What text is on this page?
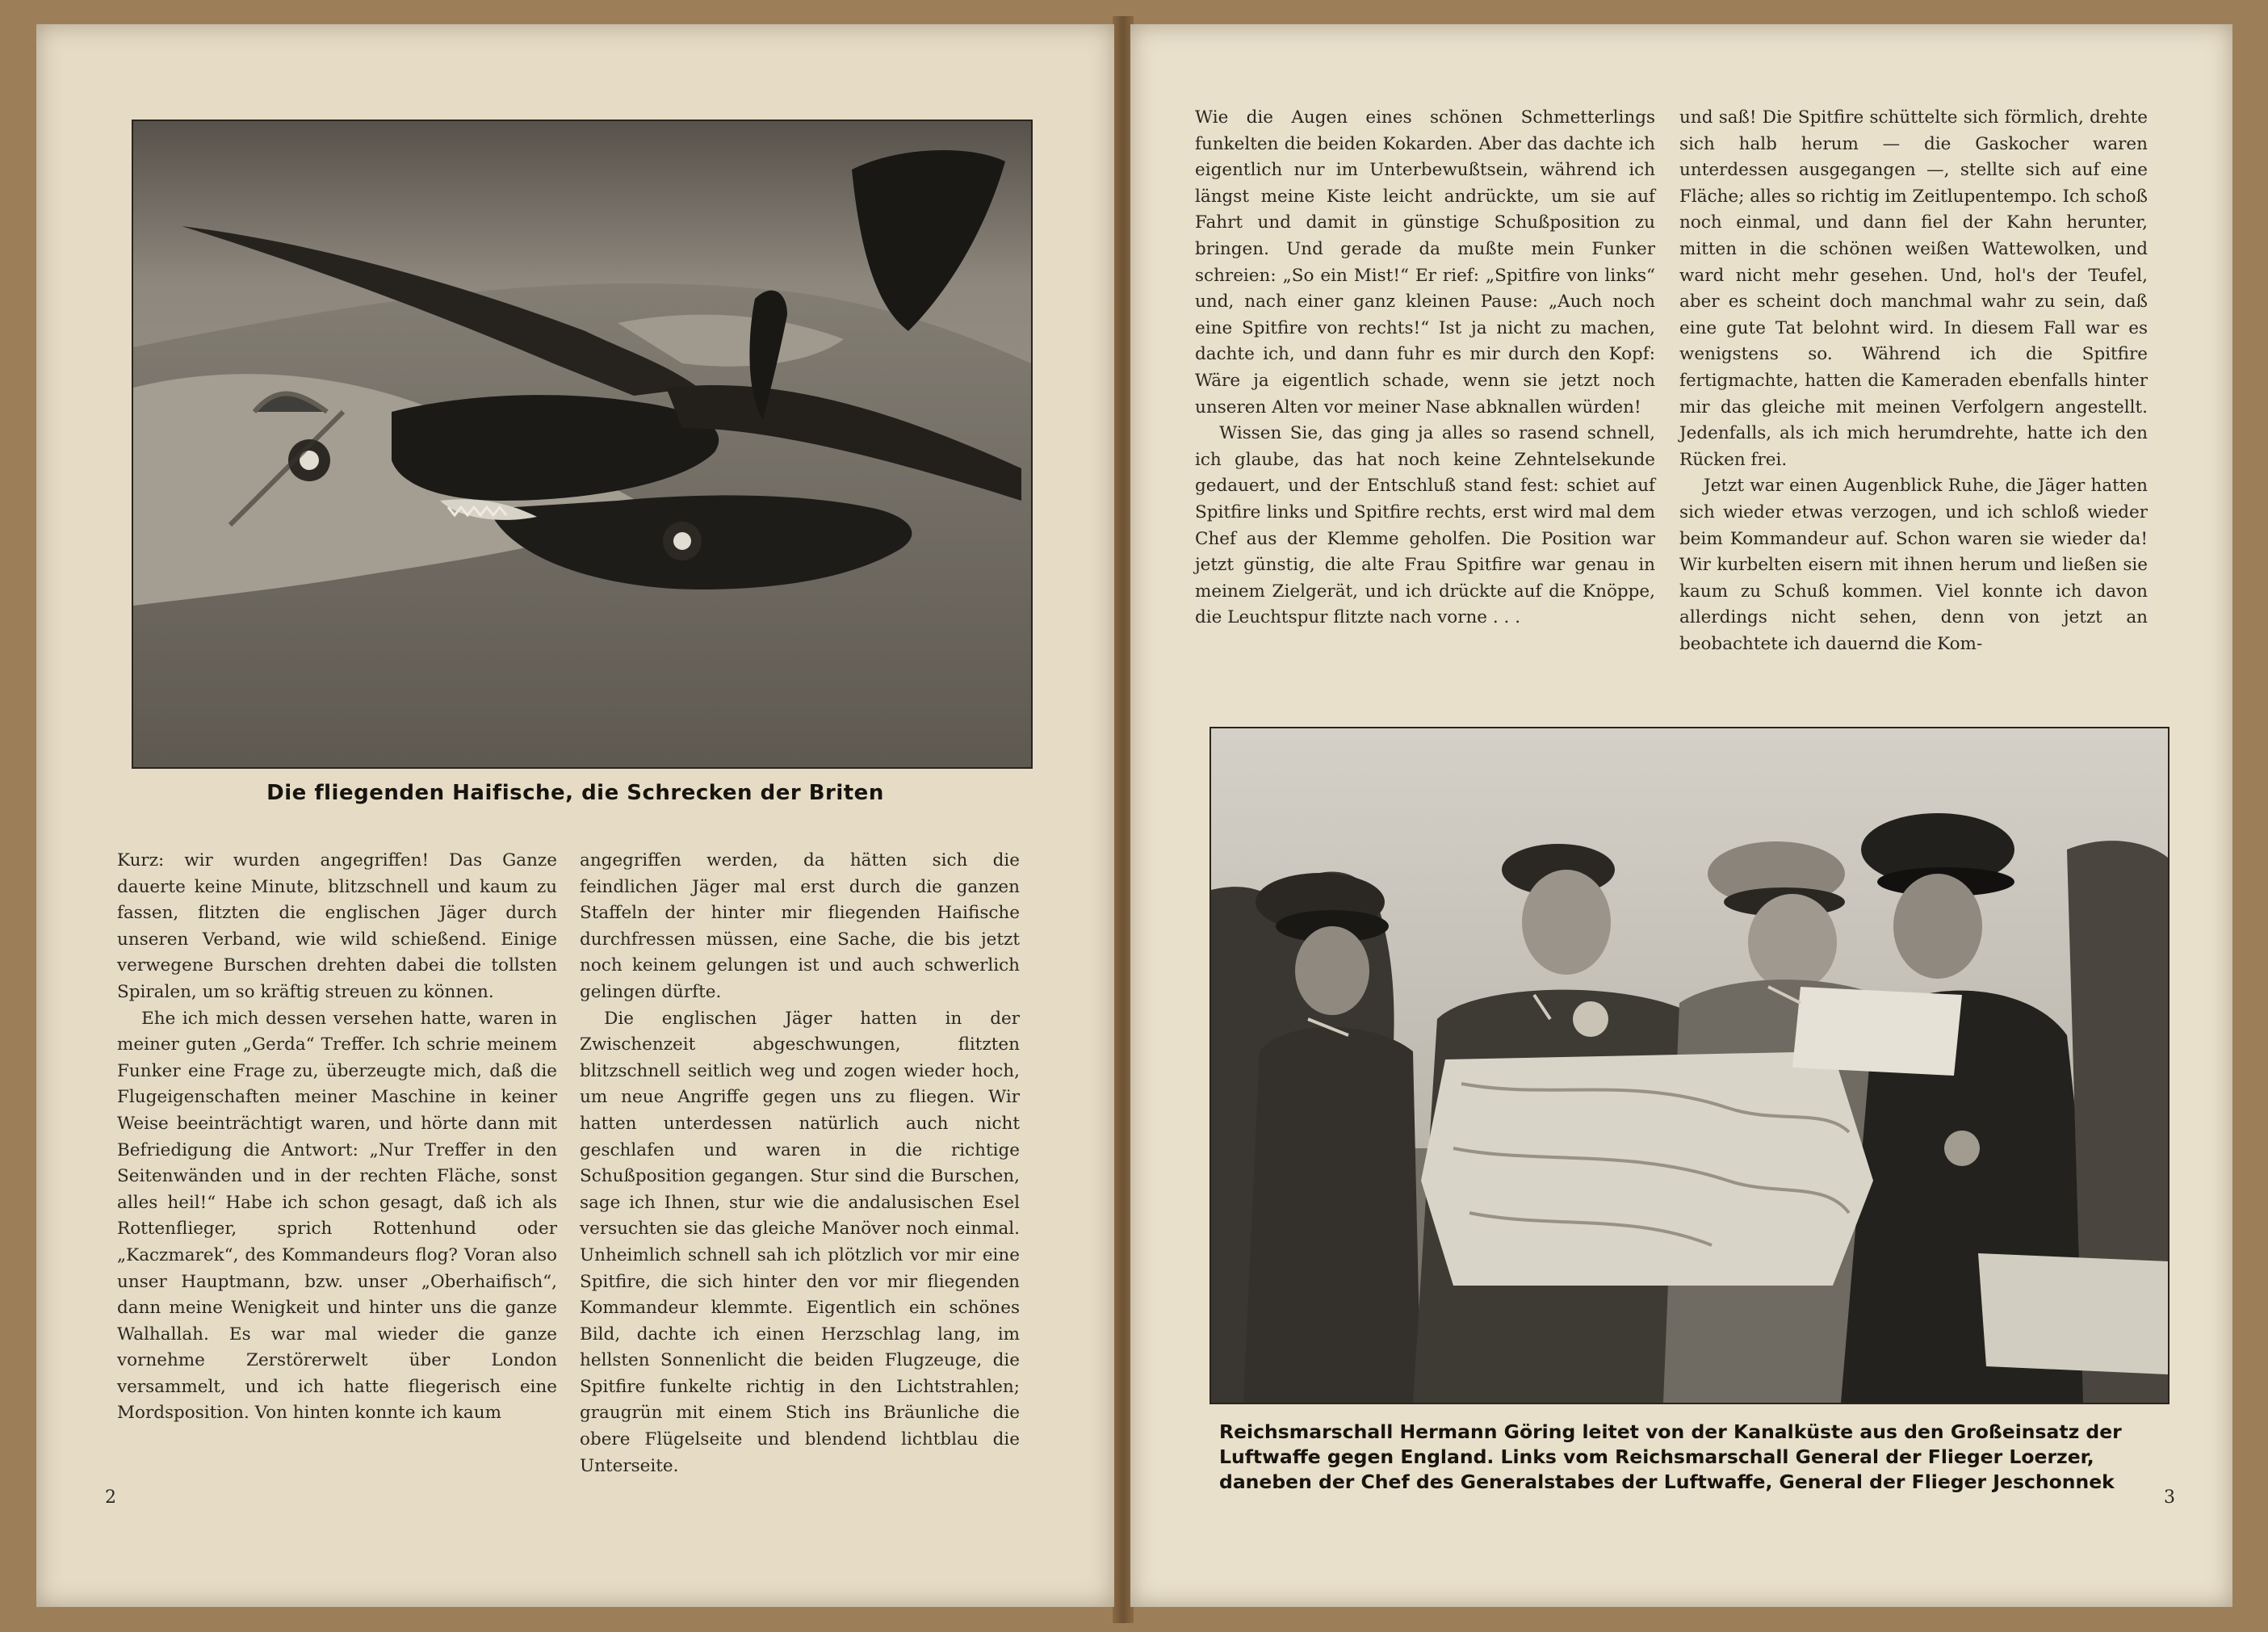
Die fliegenden Haifische, die Schrecken der Briten

Kurz: wir wurden angegriffen! Das Ganze dauerte keine Minute, blitzschnell und kaum zu fassen, flitzten die englischen Jäger durch unseren Verband, wie wild schießend. Einige verwegene Burschen drehten dabei die tollsten Spiralen, um so kräftig streuen zu können.

Ehe ich mich dessen versehen hatte, waren in meiner guten „Gerda“ Treffer. Ich schrie meinem Funker eine Frage zu, überzeugte mich, daß die Flugeigenschaften meiner Maschine in keiner Weise beeinträchtigt waren, und hörte dann mit Befriedigung die Antwort: „Nur Treffer in den Seitenwänden und in der rechten Fläche, sonst alles heil!“ Habe ich schon gesagt, daß ich als Rottenflieger, sprich Rottenhund oder „Kaczmarek“, des Kommandeurs flog? Voran also unser Hauptmann, bzw. unser „Oberhaifisch“, dann meine Wenigkeit und hinter uns die ganze Walhallah. Es war mal wieder die ganze vornehme Zerstörerwelt über London versammelt, und ich hatte fliegerisch eine Mordsposition. Von hinten konnte ich kaum

angegriffen werden, da hätten sich die feindlichen Jäger mal erst durch die ganzen Staffeln der hinter mir fliegenden Haifische durchfressen müssen, eine Sache, die bis jetzt noch keinem gelungen ist und auch schwerlich gelingen dürfte.

Die englischen Jäger hatten in der Zwischenzeit abgeschwungen, flitzten blitzschnell seitlich weg und zogen wieder hoch, um neue Angriffe gegen uns zu fliegen. Wir hatten unterdessen natürlich auch nicht geschlafen und waren in die richtige Schußposition gegangen. Stur sind die Burschen, sage ich Ihnen, stur wie die andalusischen Esel versuchten sie das gleiche Manöver noch einmal. Unheimlich schnell sah ich plötzlich vor mir eine Spitfire, die sich hinter den vor mir fliegenden Kommandeur klemmte. Eigentlich ein schönes Bild, dachte ich einen Herzschlag lang, im hellsten Sonnenlicht die beiden Flugzeuge, die Spitfire funkelte richtig in den Lichtstrahlen; graugrün mit einem Stich ins Bräunliche die obere Flügelseite und blendend lichtblau die Unterseite.

2

Wie die Augen eines schönen Schmetterlings funkelten die beiden Kokarden. Aber das dachte ich eigentlich nur im Unterbewußtsein, während ich längst meine Kiste leicht andrückte, um sie auf Fahrt und damit in günstige Schußposition zu bringen. Und gerade da mußte mein Funker schreien: „So ein Mist!“ Er rief: „Spitfire von links“ und, nach einer ganz kleinen Pause: „Auch noch eine Spitfire von rechts!“ Ist ja nicht zu machen, dachte ich, und dann fuhr es mir durch den Kopf: Wäre ja eigentlich schade, wenn sie jetzt noch unseren Alten vor meiner Nase abknallen würden!

Wissen Sie, das ging ja alles so rasend schnell, ich glaube, das hat noch keine Zehntelsekunde gedauert, und der Entschluß stand fest: schiet auf Spitfire links und Spitfire rechts, erst wird mal dem Chef aus der Klemme geholfen. Die Position war jetzt günstig, die alte Frau Spitfire war genau in meinem Zielgerät, und ich drückte auf die Knöppe, die Leuchtspur flitzte nach vorne . . .

und saß! Die Spitfire schüttelte sich förmlich, drehte sich halb herum — die Gaskocher waren unterdessen ausgegangen —, stellte sich auf eine Fläche; alles so richtig im Zeitlupentempo. Ich schoß noch einmal, und dann fiel der Kahn herunter, mitten in die schönen weißen Wattewolken, und ward nicht mehr gesehen. Und, hol's der Teufel, aber es scheint doch manchmal wahr zu sein, daß eine gute Tat belohnt wird. In diesem Fall war es wenigstens so. Während ich die Spitfire fertigmachte, hatten die Kameraden ebenfalls hinter mir das gleiche mit meinen Verfolgern angestellt. Jedenfalls, als ich mich herumdrehte, hatte ich den Rücken frei.

Jetzt war einen Augenblick Ruhe, die Jäger hatten sich wieder etwas verzogen, und ich schloß wieder beim Kommandeur auf. Schon waren sie wieder da! Wir kurbelten eisern mit ihnen herum und ließen sie kaum zu Schuß kommen. Viel konnte ich davon allerdings nicht sehen, denn von jetzt an beobachtete ich dauernd die Kom-

Reichsmarschall Hermann Göring leitet von der Kanalküste aus den Großeinsatz der
Luftwaffe gegen England. Links vom Reichsmarschall General der Flieger Loerzer,
daneben der Chef des Generalstabes der Luftwaffe, General der Flieger Jeschonnek
3
